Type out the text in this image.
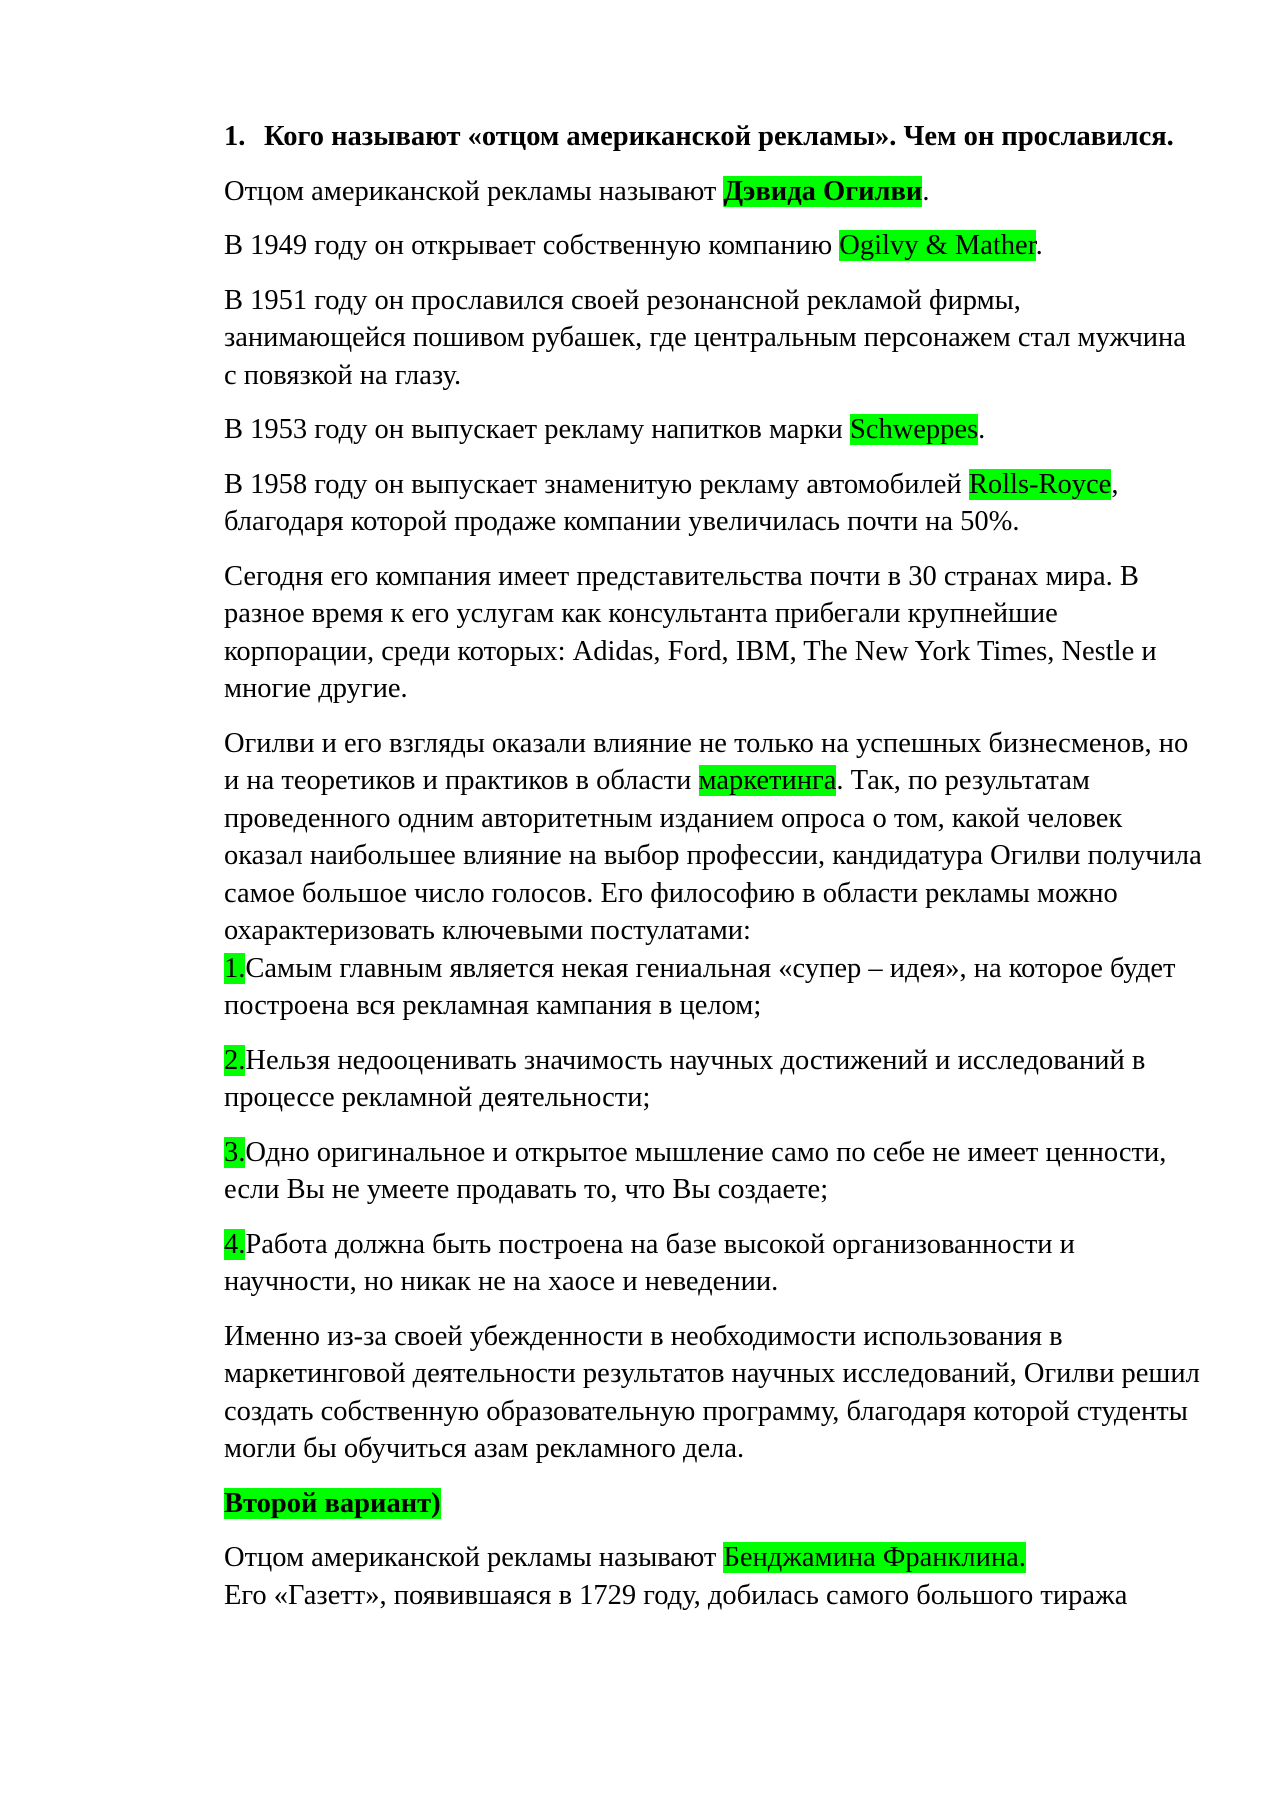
1. Кого называют «отцом американской рекламы». Чем он прославился.

Отцом американской рекламы называют Дэвида Огилви.

В 1949 году он открывает собственную компанию Ogilvy & Mather.

В 1951 году он прославился своей резонансной рекламой фирмы, занимающейся пошивом рубашек, где центральным персонажем стал мужчина с повязкой на глазу.

В 1953 году он выпускает рекламу напитков марки Schweppes.

В 1958 году он выпускает знаменитую рекламу автомобилей Rolls-Royce, благодаря которой продаже компании увеличилась почти на 50%.

Сегодня его компания имеет представительства почти в 30 странах мира. В разное время к его услугам как консультанта прибегали крупнейшие корпорации, среди которых: Adidas, Ford, IBM, The New York Times, Nestle и многие другие.

Огилви и его взгляды оказали влияние не только на успешных бизнесменов, но и на теоретиков и практиков в области маркетинга. Так, по результатам проведенного одним авторитетным изданием опроса о том, какой человек оказал наибольшее влияние на выбор профессии, кандидатура Огилви получила самое большое число голосов. Его философию в области рекламы можно охарактеризовать ключевыми постулатами:

1.Самым главным является некая гениальная «супер – идея», на которое будет построена вся рекламная кампания в целом;

2.Нельзя недооценивать значимость научных достижений и исследований в процессе рекламной деятельности;

3.Одно оригинальное и открытое мышление само по себе не имеет ценности, если Вы не умеете продавать то, что Вы создаете;

4.Работа должна быть построена на базе высокой организованности и научности, но никак не на хаосе и неведении.

Именно из-за своей убежденности в необходимости использования в маркетинговой деятельности результатов научных исследований, Огилви решил создать собственную образовательную программу, благодаря которой студенты могли бы обучиться азам рекламного дела.

Второй вариант)

Отцом американской рекламы называют Бенджамина Франклина.

Его «Газетт», появившаяся в 1729 году, добилась самого большого тиража
